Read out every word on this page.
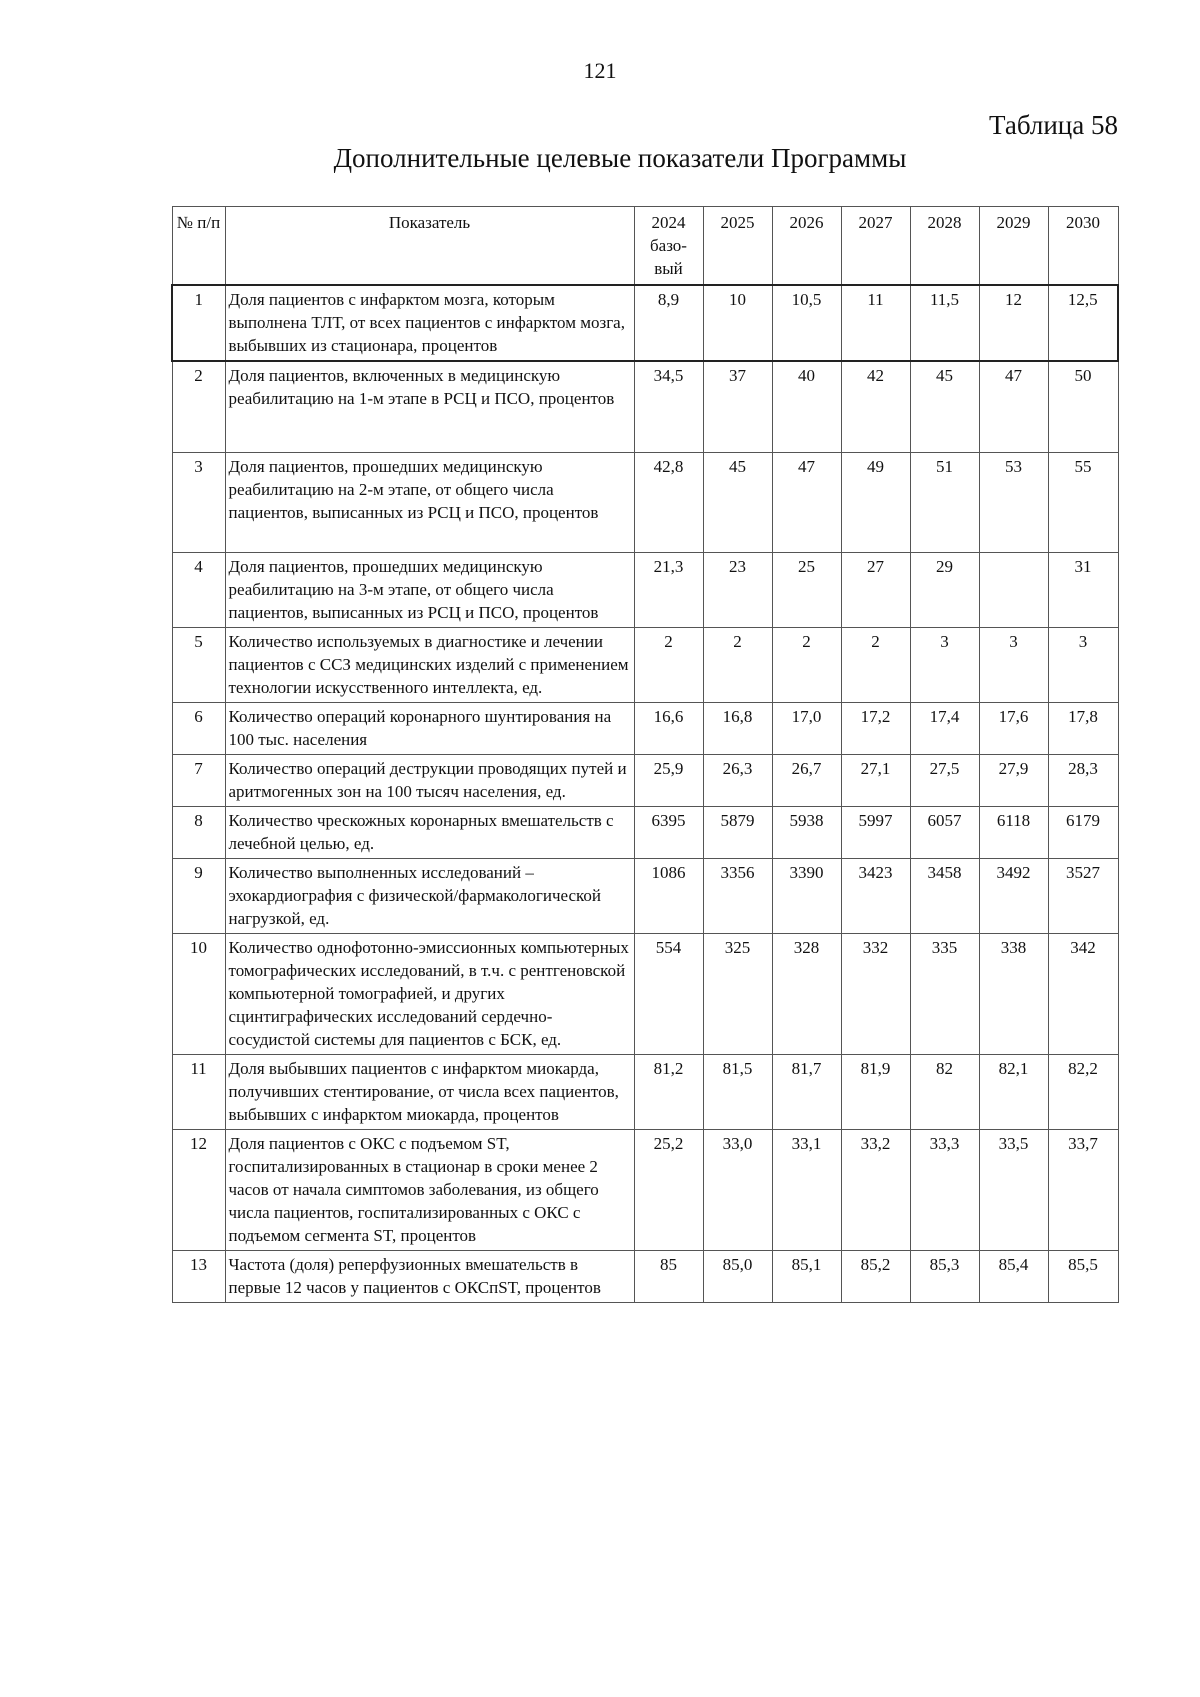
121
Таблица 58
Дополнительные целевые показатели Программы
№ п/п	Показатель	2024 базо-вый	2025	2026	2027	2028	2029	2030
1	Доля пациентов с инфарктом мозга, которым выполнена ТЛТ, от всех пациентов с инфарктом мозга, выбывших из стационара, процентов	8,9	10	10,5	11	11,5	12	12,5
2	Доля пациентов, включенных в медицинскую реабилитацию на 1-м этапе в РСЦ и ПСО, процентов	34,5	37	40	42	45	47	50
3	Доля пациентов, прошедших медицинскую реабилитацию на 2-м этапе, от общего числа пациентов, выписанных из РСЦ и ПСО, процентов	42,8	45	47	49	51	53	55
4	Доля пациентов, прошедших медицинскую реабилитацию на 3-м этапе, от общего числа пациентов, выписанных из РСЦ и ПСО, процентов	21,3	23	25	27	29		31
5	Количество используемых в диагностике и лечении пациентов с ССЗ медицинских изделий с применением технологии искусственного интеллекта, ед.	2	2	2	2	3	3	3
6	Количество операций коронарного шунтирования на 100 тыс. населения	16,6	16,8	17,0	17,2	17,4	17,6	17,8
7	Количество операций деструкции проводящих путей и аритмогенных зон на 100 тысяч населения, ед.	25,9	26,3	26,7	27,1	27,5	27,9	28,3
8	Количество чрескожных коронарных вмешательств с лечебной целью, ед.	6395	5879	5938	5997	6057	6118	6179
9	Количество выполненных исследований – эхокардиография с физической/фармакологической нагрузкой, ед.	1086	3356	3390	3423	3458	3492	3527
10	Количество однофотонно-эмиссионных компьютерных томографических исследований, в т.ч. с рентгеновской компьютерной томографией, и других сцинтиграфических исследований сердечно-сосудистой системы для пациентов с БСК, ед.	554	325	328	332	335	338	342
11	Доля выбывших пациентов с инфарктом миокарда, получивших стентирование, от числа всех пациентов, выбывших с инфарктом миокарда, процентов	81,2	81,5	81,7	81,9	82	82,1	82,2
12	Доля пациентов с ОКС с подъемом ST, госпитализированных в стационар в сроки менее 2 часов от начала симптомов заболевания, из общего числа пациентов, госпитализированных с ОКС с подъемом сегмента ST, процентов	25,2	33,0	33,1	33,2	33,3	33,5	33,7
13	Частота (доля) реперфузионных вмешательств в первые 12 часов у пациентов с ОКСпST, процентов	85	85,0	85,1	85,2	85,3	85,4	85,5
